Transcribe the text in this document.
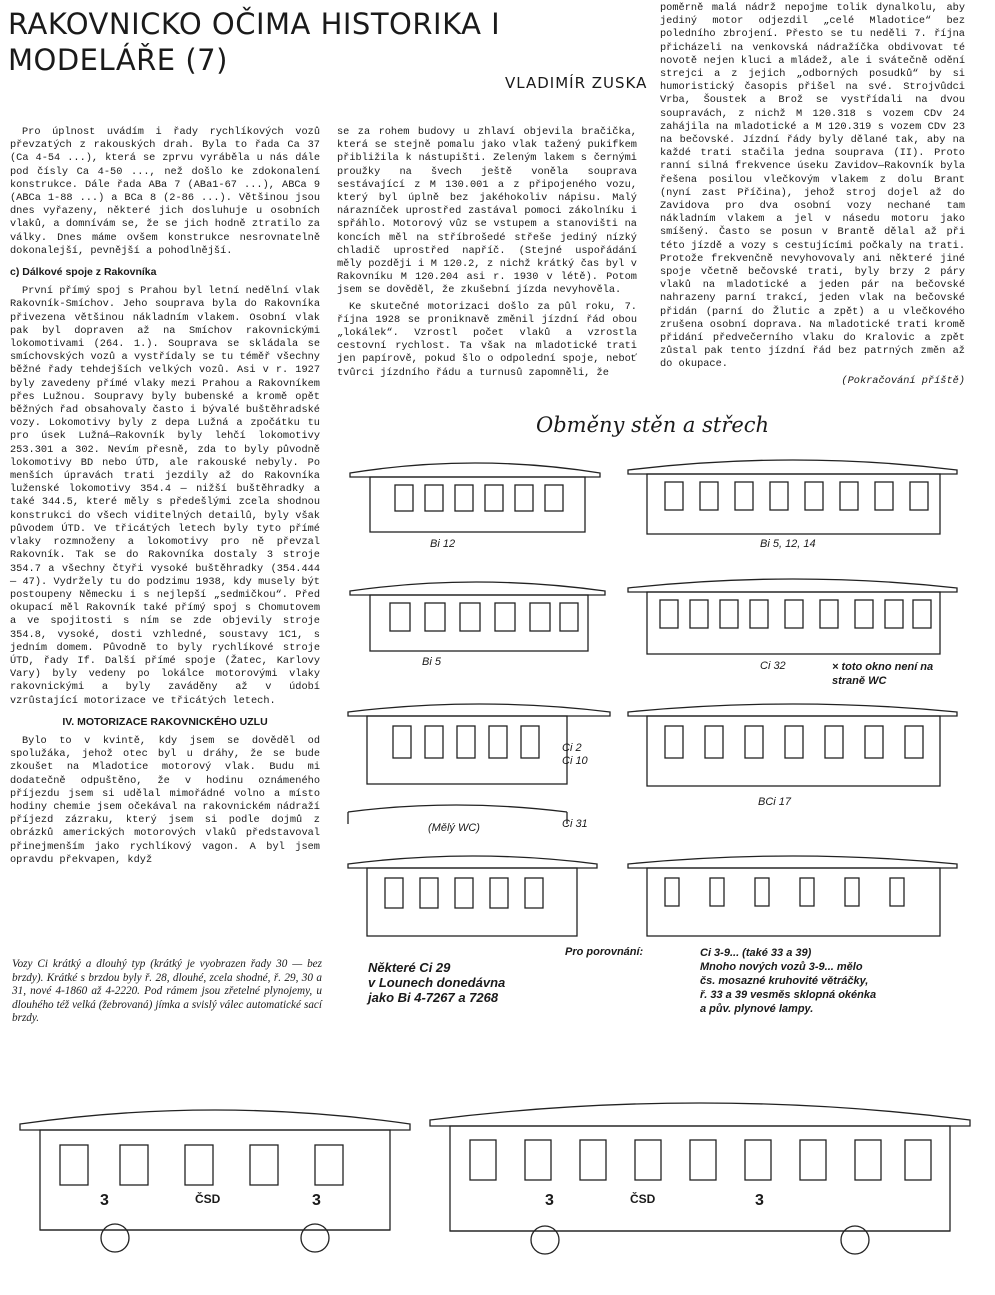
RAKOVNICKO OČIMA HISTORIKA I MODELÁŘE (7)
VLADIMÍR ZUSKA

Pro úplnost uvádím i řady rychlíkových vozů převzatých z rakouských drah. Byla to řada Ca 37 (Ca 4-54 ...), která se zprvu vyráběla u nás dále pod čísly Ca 4-50 ..., než došlo ke zdokonalení konstrukce. Dále řada ABa 7 (ABa1-67 ...), ABCa 9 (ABCa 1-88 ...) a BCa 8 (2-86 ...). Většinou jsou dnes vyřazeny, některé jich dosluhuje u osobních vlaků, a domnívám se, že se jich hodně ztratilo za války. Dnes máme ovšem konstrukce nesrovnatelně dokonalejší, pevnější a pohodlnější.

c) Dálkové spoje z Rakovníka

První přímý spoj s Prahou byl letní nedělní vlak Rakovník-Smíchov. Jeho souprava byla do Rakovníka přivezena většinou nákladním vlakem. Osobní vlak pak byl dopraven až na Smíchov rakovnickými lokomotivami (264. 1.). Souprava se skládala se smíchovských vozů a vystřídaly se tu téměř všechny běžné řady tehdejších velkých vozů. Asi v r. 1927 byly zavedeny přímé vlaky mezi Prahou a Rakovníkem přes Lužnou. Soupravy byly bubenské a kromě opět běžných řad obsahovaly často i bývalé buštěhradské vozy. Lokomotivy byly z depa Lužná a zpočátku tu pro úsek Lužná—Rakovník byly lehčí lokomotivy 253.301 a 302. Nevím přesně, zda to byly původně lokomotivy BD nebo ÚTD, ale rakouské nebyly. Po menších úpravách trati jezdily až do Rakovníka luženské lokomotivy 354.4 — nižší buštěhradky a také 344.5, které měly s předešlými zcela shodnou konstrukci do všech viditelných detailů, byly však původem ÚTD. Ve třicátých letech byly tyto přímé vlaky rozmnoženy a lokomotivy pro ně převzal Rakovník. Tak se do Rakovníka dostaly 3 stroje 354.7 a všechny čtyři vysoké buštěhradky (354.444 — 47). Vydržely tu do podzimu 1938, kdy musely být postoupeny Německu i s nejlepší „sedmičkou“. Před okupací měl Rakovník také přímý spoj s Chomutovem a ve spojitosti s ním se zde objevily stroje 354.8, vysoké, dosti vzhledné, soustavy 1C1, s jedním domem. Původně to byly rychlíkové stroje ÚTD, řady If. Další přímé spoje (Žatec, Karlovy Vary) byly vedeny po lokálce motorovými vlaky rakovnickými a byly zaváděny až v údobí vzrůstající motorizace ve třicátých letech.

IV. MOTORIZACE RAKOVNICKÉHO UZLU

Bylo to v kvintě, kdy jsem se dověděl od spolužáka, jehož otec byl u dráhy, že se bude zkoušet na Mladotice motorový vlak. Budu mi dodatečně odpuštěno, že v hodinu oznámeného příjezdu jsem si udělal mimořádné volno a místo hodiny chemie jsem očekával na rakovnickém nádraží příjezd zázraku, který jsem si podle dojmů z obrázků amerických motorových vlaků představoval přinejmenším jako rychlíkový vagon. A byl jsem opravdu překvapen, když

Vozy Ci krátký a dlouhý typ (krátký je vyobrazen řady 30 — bez brzdy). Krátké s brzdou byly ř. 28, dlouhé, zcela shodné, ř. 29, 30 a 31, nové 4-1860 až 4-2220. Pod rámem jsou zřetelné plynojemy, u dlouhého též velká (žebrovaná) jímka a svislý válec automatické sací brzdy.

se za rohem budovy u zhlaví objevila bračička, která se stejně pomalu jako vlak tažený pukifkem přibližila k nástupišti. Zeleným lakem s černými proužky na švech ještě voněla souprava sestávající z M 130.001 a z připojeného vozu, který byl úplně bez jakéhokoliv nápisu. Malý nárazníček uprostřed zastával pomoci zákolníku i spřáhlo. Motorový vůz se vstupem a stanovišti na koncích měl na stříbrošedé střeše jediný nízký chladič uprostřed napříč. (Stejné uspořádání měly později i M 120.2, z nichž krátký čas byl v Rakovníku M 120.204 asi r. 1930 v létě). Potom jsem se dověděl, že zkušební jízda nevyhověla.

Ke skutečné motorizaci došlo za půl roku, 7. října 1928 se proniknavě změnil jízdní řád obou „lokálek“. Vzrostl počet vlaků a vzrostla cestovní rychlost. Ta však na mladotické trati jen papírově, pokud šlo o odpolední spoje, neboť tvůrci jízdního řádu a turnusů zapomněli, že

poměrně malá nádrž nepojme tolik dynalkolu, aby jediný motor odjezdil „celé Mladotice“ bez poledního zbrojení. Přesto se tu neděli 7. října přicházeli na venkovská nádražíčka obdivovat té novotě nejen kluci a mládež, ale i svátečně odění strejci a z jejich „odborných posudků“ by si humoristický časopis přišel na své. Strojvůdci Vrba, Šoustek a Brož se vystřídali na dvou soupravách, z nichž M 120.318 s vozem CDv 24 zahájila na mladotické a M 120.319 s vozem CDv 23 na bečovské. Jízdní řády byly dělané tak, aby na každé trati stačila jedna souprava (II). Proto ranní silná frekvence úseku Zavidov—Rakovník byla řešena posilou vlečkovým vlakem z dolu Brant (nyní zast Příčina), jehož stroj dojel až do Zavidova pro dva osobní vozy nechané tam nákladním vlakem a jel v násedu motoru jako smíšený. Často se posun v Brantě dělal až při této jízdě a vozy s cestujícími počkaly na trati. Protože frekvenčně nevyhovovaly ani některé jiné spoje včetně bečovské trati, byly brzy 2 páry vlaků na mladotické a jeden pár na bečovské nahrazeny parní trakcí, jeden vlak na bečovské přidán (parní do Žlutic a zpět) a u vlečkového zrušena osobní doprava. Na mladotické trati kromě přidání předvečerního vlaku do Kralovic a zpět zůstal pak tento jízdní řád bez patrných změn až do okupace.

(Pokračování příště)
Obměny stěn a střech
Bi 12	Bi 5, 12, 14
Bi 5	Ci 32	× toto okno není na straně WC
Ci 2
Ci 10
BCi 17
(Mělý WC)	Ci 31
Pro porovnání:
Některé Ci 29
v Lounech donedávna
jako Bi 4-7267 a 7268
Ci 3-9... (také 33 a 39)
Mnoho nových vozů 3-9... mělo
čs. mosazné kruhovité větráčky,
ř. 33 a 39 vesměs sklopná okénka
a pův. plynové lampy.
3	ČSD	3	3	ČSD	3
